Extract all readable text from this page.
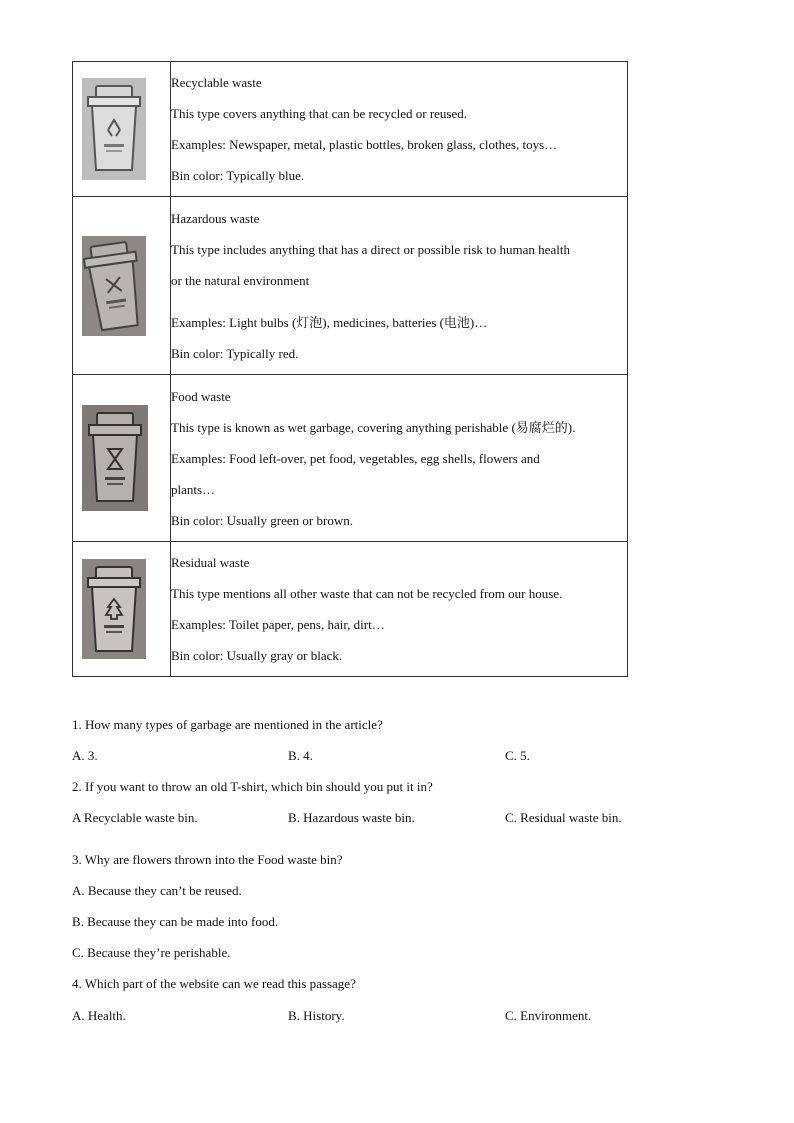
Recyclable waste
This type covers anything that can be recycled or reused.
Examples: Newspaper, metal, plastic bottles, broken glass, clothes, toys…
Bin color: Typically blue.

Hazardous waste
This type includes anything that has a direct or possible risk to human health
or the natural environment
Examples: Light bulbs (灯泡), medicines, batteries (电池)…
Bin color: Typically red.

Food waste
This type is known as wet garbage, covering anything perishable (易腐烂的).
Examples: Food left-over, pet food, vegetables, egg shells, flowers and
plants…
Bin color: Usually green or brown.

Residual waste
This type mentions all other waste that can not be recycled from our house.
Examples: Toilet paper, pens, hair, dirt…
Bin color: Usually gray or black.
1. How many types of garbage are mentioned in the article?
A. 3.	B. 4.	C. 5.
2. If you want to throw an old T-shirt, which bin should you put it in?
A Recyclable waste bin.	B. Hazardous waste bin.	C. Residual waste bin.
3. Why are flowers thrown into the Food waste bin?
A. Because they can’t be reused.
B. Because they can be made into food.
C. Because they’re perishable.
4. Which part of the website can we read this passage?
A. Health.	B. History.	C. Environment.
